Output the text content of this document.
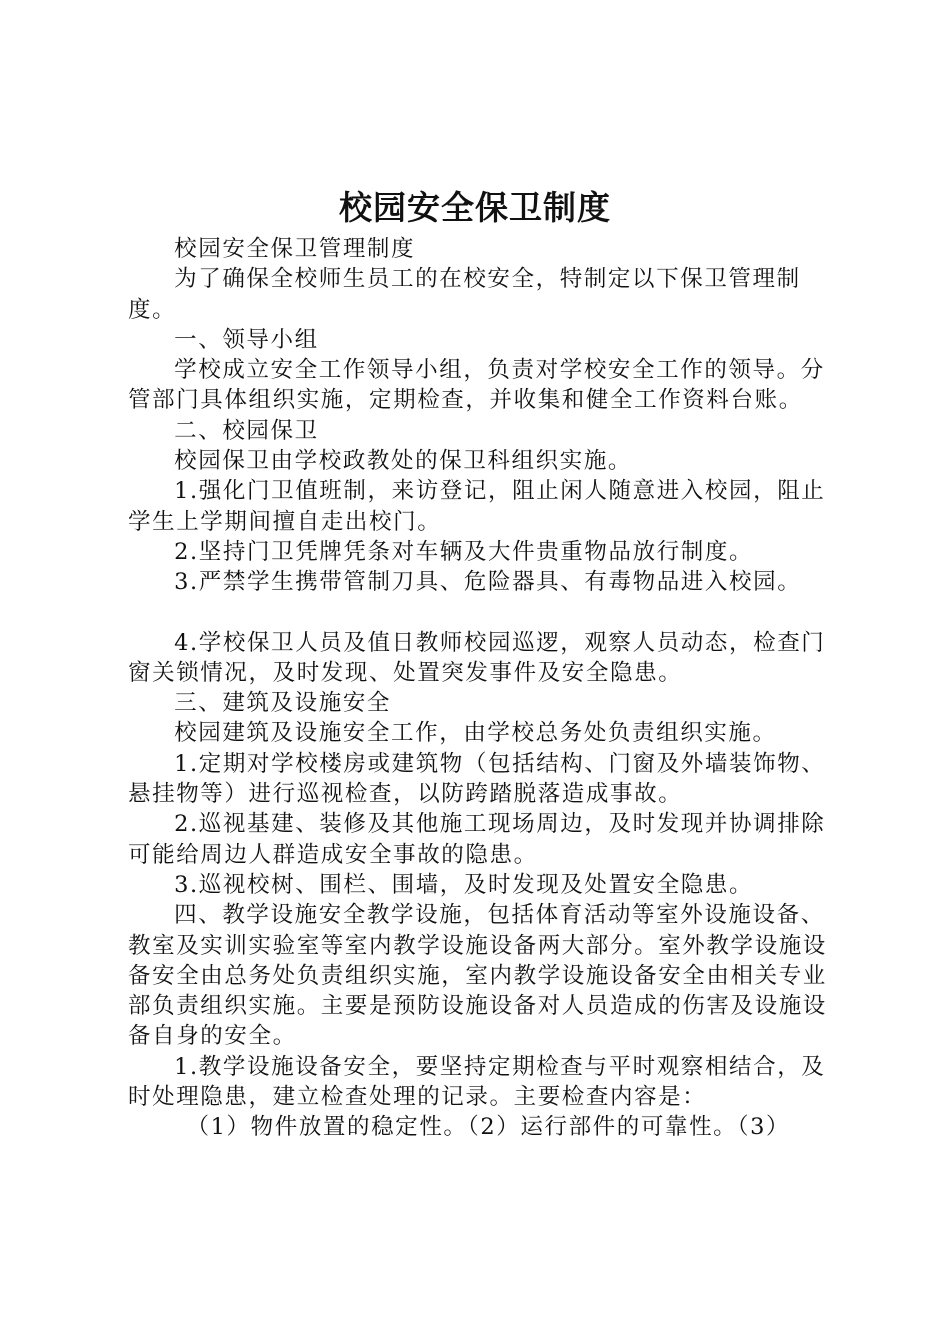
校园安全保卫制度

校园安全保卫管理制度

为了确保全校师生员工的在校安全，特制定以下保卫管理制度。

一、领导小组

学校成立安全工作领导小组，负责对学校安全工作的领导。分管部门具体组织实施，定期检查，并收集和健全工作资料台账。

二、校园保卫

校园保卫由学校政教处的保卫科组织实施。

1.强化门卫值班制，来访登记，阻止闲人随意进入校园，阻止学生上学期间擅自走出校门。

2.坚持门卫凭牌凭条对车辆及大件贵重物品放行制度。

3.严禁学生携带管制刀具、危险器具、有毒物品进入校园。

4.学校保卫人员及值日教师校园巡逻，观察人员动态，检查门窗关锁情况，及时发现、处置突发事件及安全隐患。

三、建筑及设施安全

校园建筑及设施安全工作，由学校总务处负责组织实施。

1.定期对学校楼房或建筑物（包括结构、门窗及外墙装饰物、悬挂物等）进行巡视检查，以防跨踏脱落造成事故。

2.巡视基建、装修及其他施工现场周边，及时发现并协调排除可能给周边人群造成安全事故的隐患。

3.巡视校树、围栏、围墙，及时发现及处置安全隐患。

四、教学设施安全教学设施，包括体育活动等室外设施设备、教室及实训实验室等室内教学设施设备两大部分。室外教学设施设备安全由总务处负责组织实施，室内教学设施设备安全由相关专业部负责组织实施。主要是预防设施设备对人员造成的伤害及设施设备自身的安全。

1.教学设施设备安全，要坚持定期检查与平时观察相结合，及时处理隐患，建立检查处理的记录。主要检查内容是：

（1）物件放置的稳定性。（2）运行部件的可靠性。（3）
